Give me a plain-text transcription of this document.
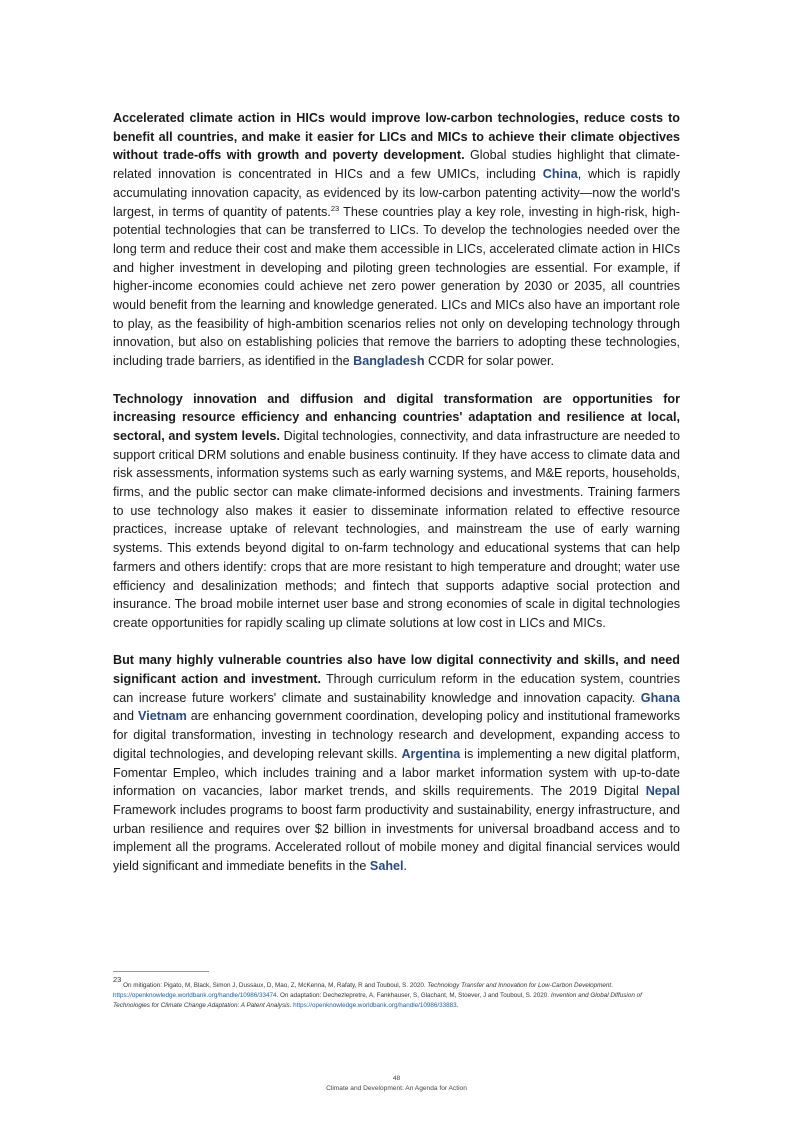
Accelerated climate action in HICs would improve low-carbon technologies, reduce costs to benefit all countries, and make it easier for LICs and MICs to achieve their climate objectives without trade-offs with growth and poverty development. Global studies highlight that climate-related innovation is concentrated in HICs and a few UMICs, including China, which is rapidly accumulating innovation capacity, as evidenced by its low-carbon patenting activity—now the world's largest, in terms of quantity of patents.$^{23}$ These countries play a key role, investing in high-risk, high-potential technologies that can be transferred to LICs. To develop the technologies needed over the long term and reduce their cost and make them accessible in LICs, accelerated climate action in HICs and higher investment in developing and piloting green technologies are essential. For example, if higher-income economies could achieve net zero power generation by 2030 or 2035, all countries would benefit from the learning and knowledge generated. LICs and MICs also have an important role to play, as the feasibility of high-ambition scenarios relies not only on developing technology through innovation, but also on establishing policies that remove the barriers to adopting these technologies, including trade barriers, as identified in the Bangladesh CCDR for solar power.

Technology innovation and diffusion and digital transformation are opportunities for increasing resource efficiency and enhancing countries' adaptation and resilience at local, sectoral, and system levels. Digital technologies, connectivity, and data infrastructure are needed to support critical DRM solutions and enable business continuity. If they have access to climate data and risk assessments, information systems such as early warning systems, and M&E reports, households, firms, and the public sector can make climate-informed decisions and investments. Training farmers to use technology also makes it easier to disseminate information related to effective resource practices, increase uptake of relevant technologies, and mainstream the use of early warning systems. This extends beyond digital to on-farm technology and educational systems that can help farmers and others identify: crops that are more resistant to high temperature and drought; water use efficiency and desalinization methods; and fintech that supports adaptive social protection and insurance. The broad mobile internet user base and strong economies of scale in digital technologies create opportunities for rapidly scaling up climate solutions at low cost in LICs and MICs.

But many highly vulnerable countries also have low digital connectivity and skills, and need significant action and investment. Through curriculum reform in the education system, countries can increase future workers' climate and sustainability knowledge and innovation capacity. Ghana and Vietnam are enhancing government coordination, developing policy and institutional frameworks for digital transformation, investing in technology research and development, expanding access to digital technologies, and developing relevant skills. Argentina is implementing a new digital platform, Fomentar Empleo, which includes training and a labor market information system with up-to-date information on vacancies, labor market trends, and skills requirements. The 2019 Digital Nepal Framework includes programs to boost farm productivity and sustainability, energy infrastructure, and urban resilience and requires over $2 billion in investments for universal broadband access and to implement all the programs. Accelerated rollout of mobile money and digital financial services would yield significant and immediate benefits in the Sahel.

$^{23}$ On mitigation: Pigato, M, Black, Simon J, Dussaux, D, Mao, Z, McKenna, M, Rafaty, R and Touboul, S. 2020. Technology Transfer and Innovation for Low-Carbon Development. https://openknowledge.worldbank.org/handle/10986/33474. On adaptation: Dechezlepretre, A, Fankhauser, S, Glachant, M, Stoever, J and Touboul, S. 2020. Invention and Global Diffusion of Technologies for Climate Change Adaptation: A Patent Analysis. https://openknowledge.worldbank.org/handle/10986/33883.
48
Climate and Development: An Agenda for Action
